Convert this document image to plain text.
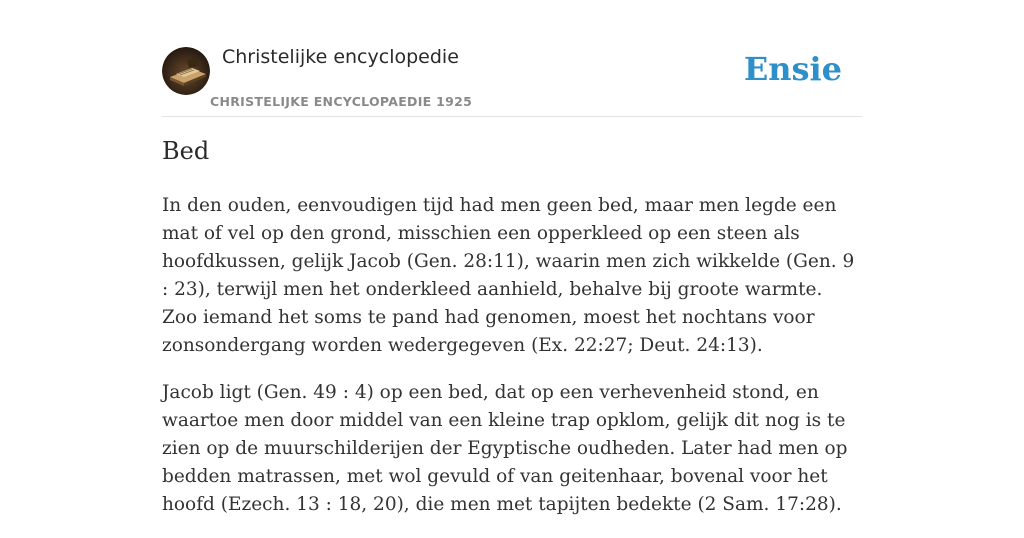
Christelijke encyclopedie
CHRISTELIJKE ENCYCLOPAEDIE 1925
Ensie
Bed

In den ouden, eenvoudigen tijd had men geen bed, maar men legde een mat of vel op den grond, misschien een opperkleed op een steen als hoofdkussen, gelijk Jacob (Gen. 28:11), waarin men zich wikkelde (Gen. 9 : 23), terwijl men het onderkleed aanhield, behalve bij groote warmte. Zoo iemand het soms te pand had genomen, moest het nochtans voor zonsondergang worden wedergegeven (Ex. 22:27; Deut. 24:13).

Jacob ligt (Gen. 49 : 4) op een bed, dat op een verhevenheid stond, en waartoe men door middel van een kleine trap opklom, gelijk dit nog is te zien op de muurschilderijen der Egyptische oudheden. Later had men op bedden matrassen, met wol gevuld of van geitenhaar, bovenal voor het hoofd (Ezech. 13 : 18, 20), die men met tapijten bedekte (2 Sam. 17:28).
